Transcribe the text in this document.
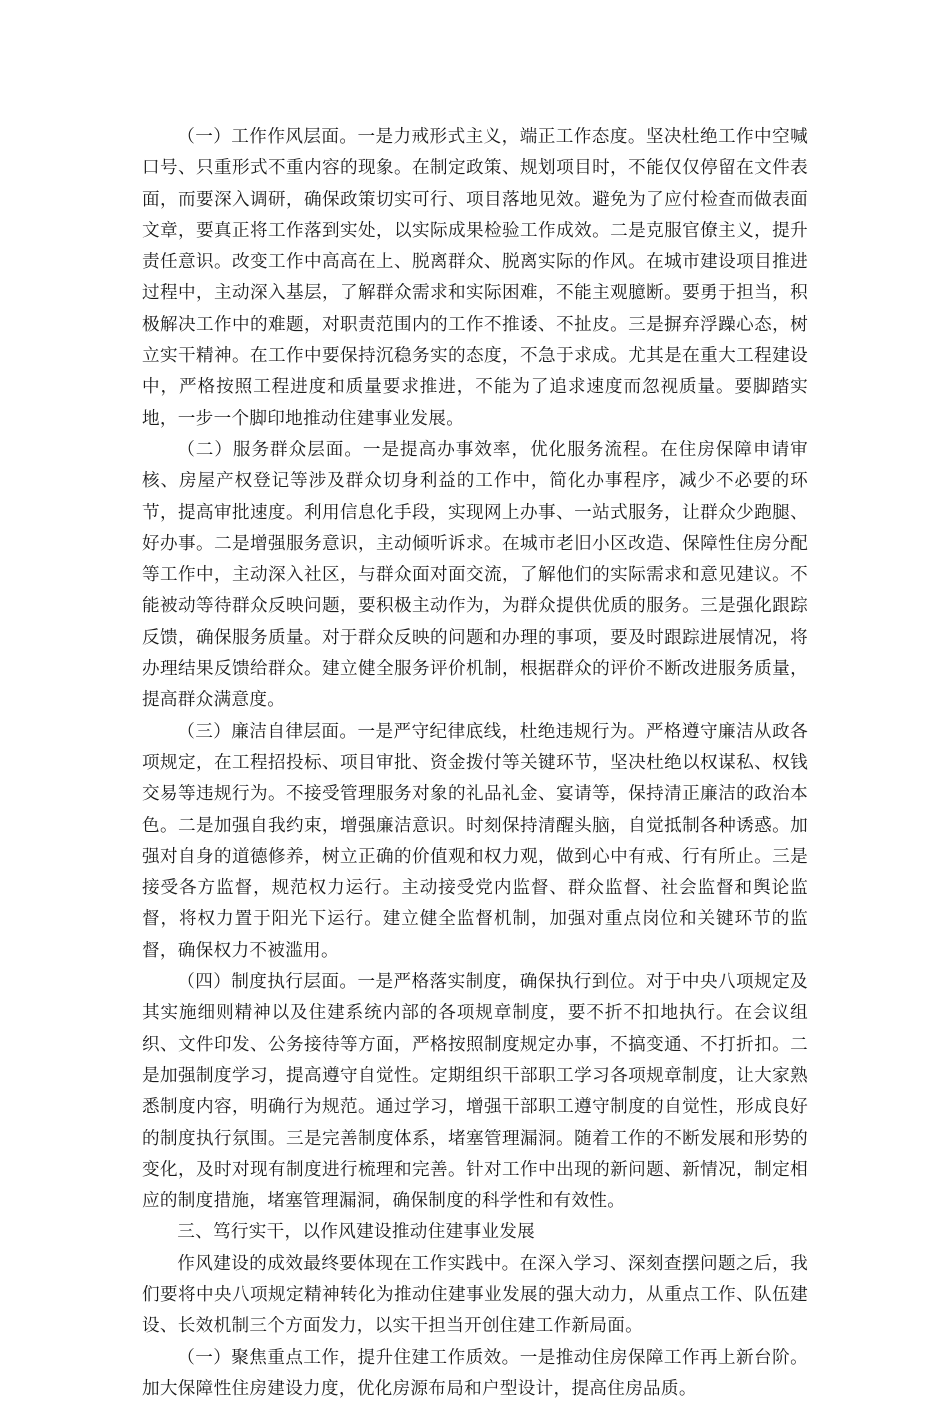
（一）工作作风层面。一是力戒形式主义，端正工作态度。坚决杜绝工作中空喊口号、只重形式不重内容的现象。在制定政策、规划项目时，不能仅仅停留在文件表面，而要深入调研，确保政策切实可行、项目落地见效。避免为了应付检查而做表面文章，要真正将工作落到实处，以实际成果检验工作成效。二是克服官僚主义，提升责任意识。改变工作中高高在上、脱离群众、脱离实际的作风。在城市建设项目推进过程中，主动深入基层，了解群众需求和实际困难，不能主观臆断。要勇于担当，积极解决工作中的难题，对职责范围内的工作不推诿、不扯皮。三是摒弃浮躁心态，树立实干精神。在工作中要保持沉稳务实的态度，不急于求成。尤其是在重大工程建设中，严格按照工程进度和质量要求推进，不能为了追求速度而忽视质量。要脚踏实地，一步一个脚印地推动住建事业发展。

（二）服务群众层面。一是提高办事效率，优化服务流程。在住房保障申请审核、房屋产权登记等涉及群众切身利益的工作中，简化办事程序，减少不必要的环节，提高审批速度。利用信息化手段，实现网上办事、一站式服务，让群众少跑腿、好办事。二是增强服务意识，主动倾听诉求。在城市老旧小区改造、保障性住房分配等工作中，主动深入社区，与群众面对面交流，了解他们的实际需求和意见建议。不能被动等待群众反映问题，要积极主动作为，为群众提供优质的服务。三是强化跟踪反馈，确保服务质量。对于群众反映的问题和办理的事项，要及时跟踪进展情况，将办理结果反馈给群众。建立健全服务评价机制，根据群众的评价不断改进服务质量，提高群众满意度。

（三）廉洁自律层面。一是严守纪律底线，杜绝违规行为。严格遵守廉洁从政各项规定，在工程招投标、项目审批、资金拨付等关键环节，坚决杜绝以权谋私、权钱交易等违规行为。不接受管理服务对象的礼品礼金、宴请等，保持清正廉洁的政治本色。二是加强自我约束，增强廉洁意识。时刻保持清醒头脑，自觉抵制各种诱惑。加强对自身的道德修养，树立正确的价值观和权力观，做到心中有戒、行有所止。三是接受各方监督，规范权力运行。主动接受党内监督、群众监督、社会监督和舆论监督，将权力置于阳光下运行。建立健全监督机制，加强对重点岗位和关键环节的监督，确保权力不被滥用。

（四）制度执行层面。一是严格落实制度，确保执行到位。对于中央八项规定及其实施细则精神以及住建系统内部的各项规章制度，要不折不扣地执行。在会议组织、文件印发、公务接待等方面，严格按照制度规定办事，不搞变通、不打折扣。二是加强制度学习，提高遵守自觉性。定期组织干部职工学习各项规章制度，让大家熟悉制度内容，明确行为规范。通过学习，增强干部职工遵守制度的自觉性，形成良好的制度执行氛围。三是完善制度体系，堵塞管理漏洞。随着工作的不断发展和形势的变化，及时对现有制度进行梳理和完善。针对工作中出现的新问题、新情况，制定相应的制度措施，堵塞管理漏洞，确保制度的科学性和有效性。

三、笃行实干，以作风建设推动住建事业发展

作风建设的成效最终要体现在工作实践中。在深入学习、深刻查摆问题之后，我们要将中央八项规定精神转化为推动住建事业发展的强大动力，从重点工作、队伍建设、长效机制三个方面发力，以实干担当开创住建工作新局面。

（一）聚焦重点工作，提升住建工作质效。一是推动住房保障工作再上新台阶。加大保障性住房建设力度，优化房源布局和户型设计，提高住房品质。
